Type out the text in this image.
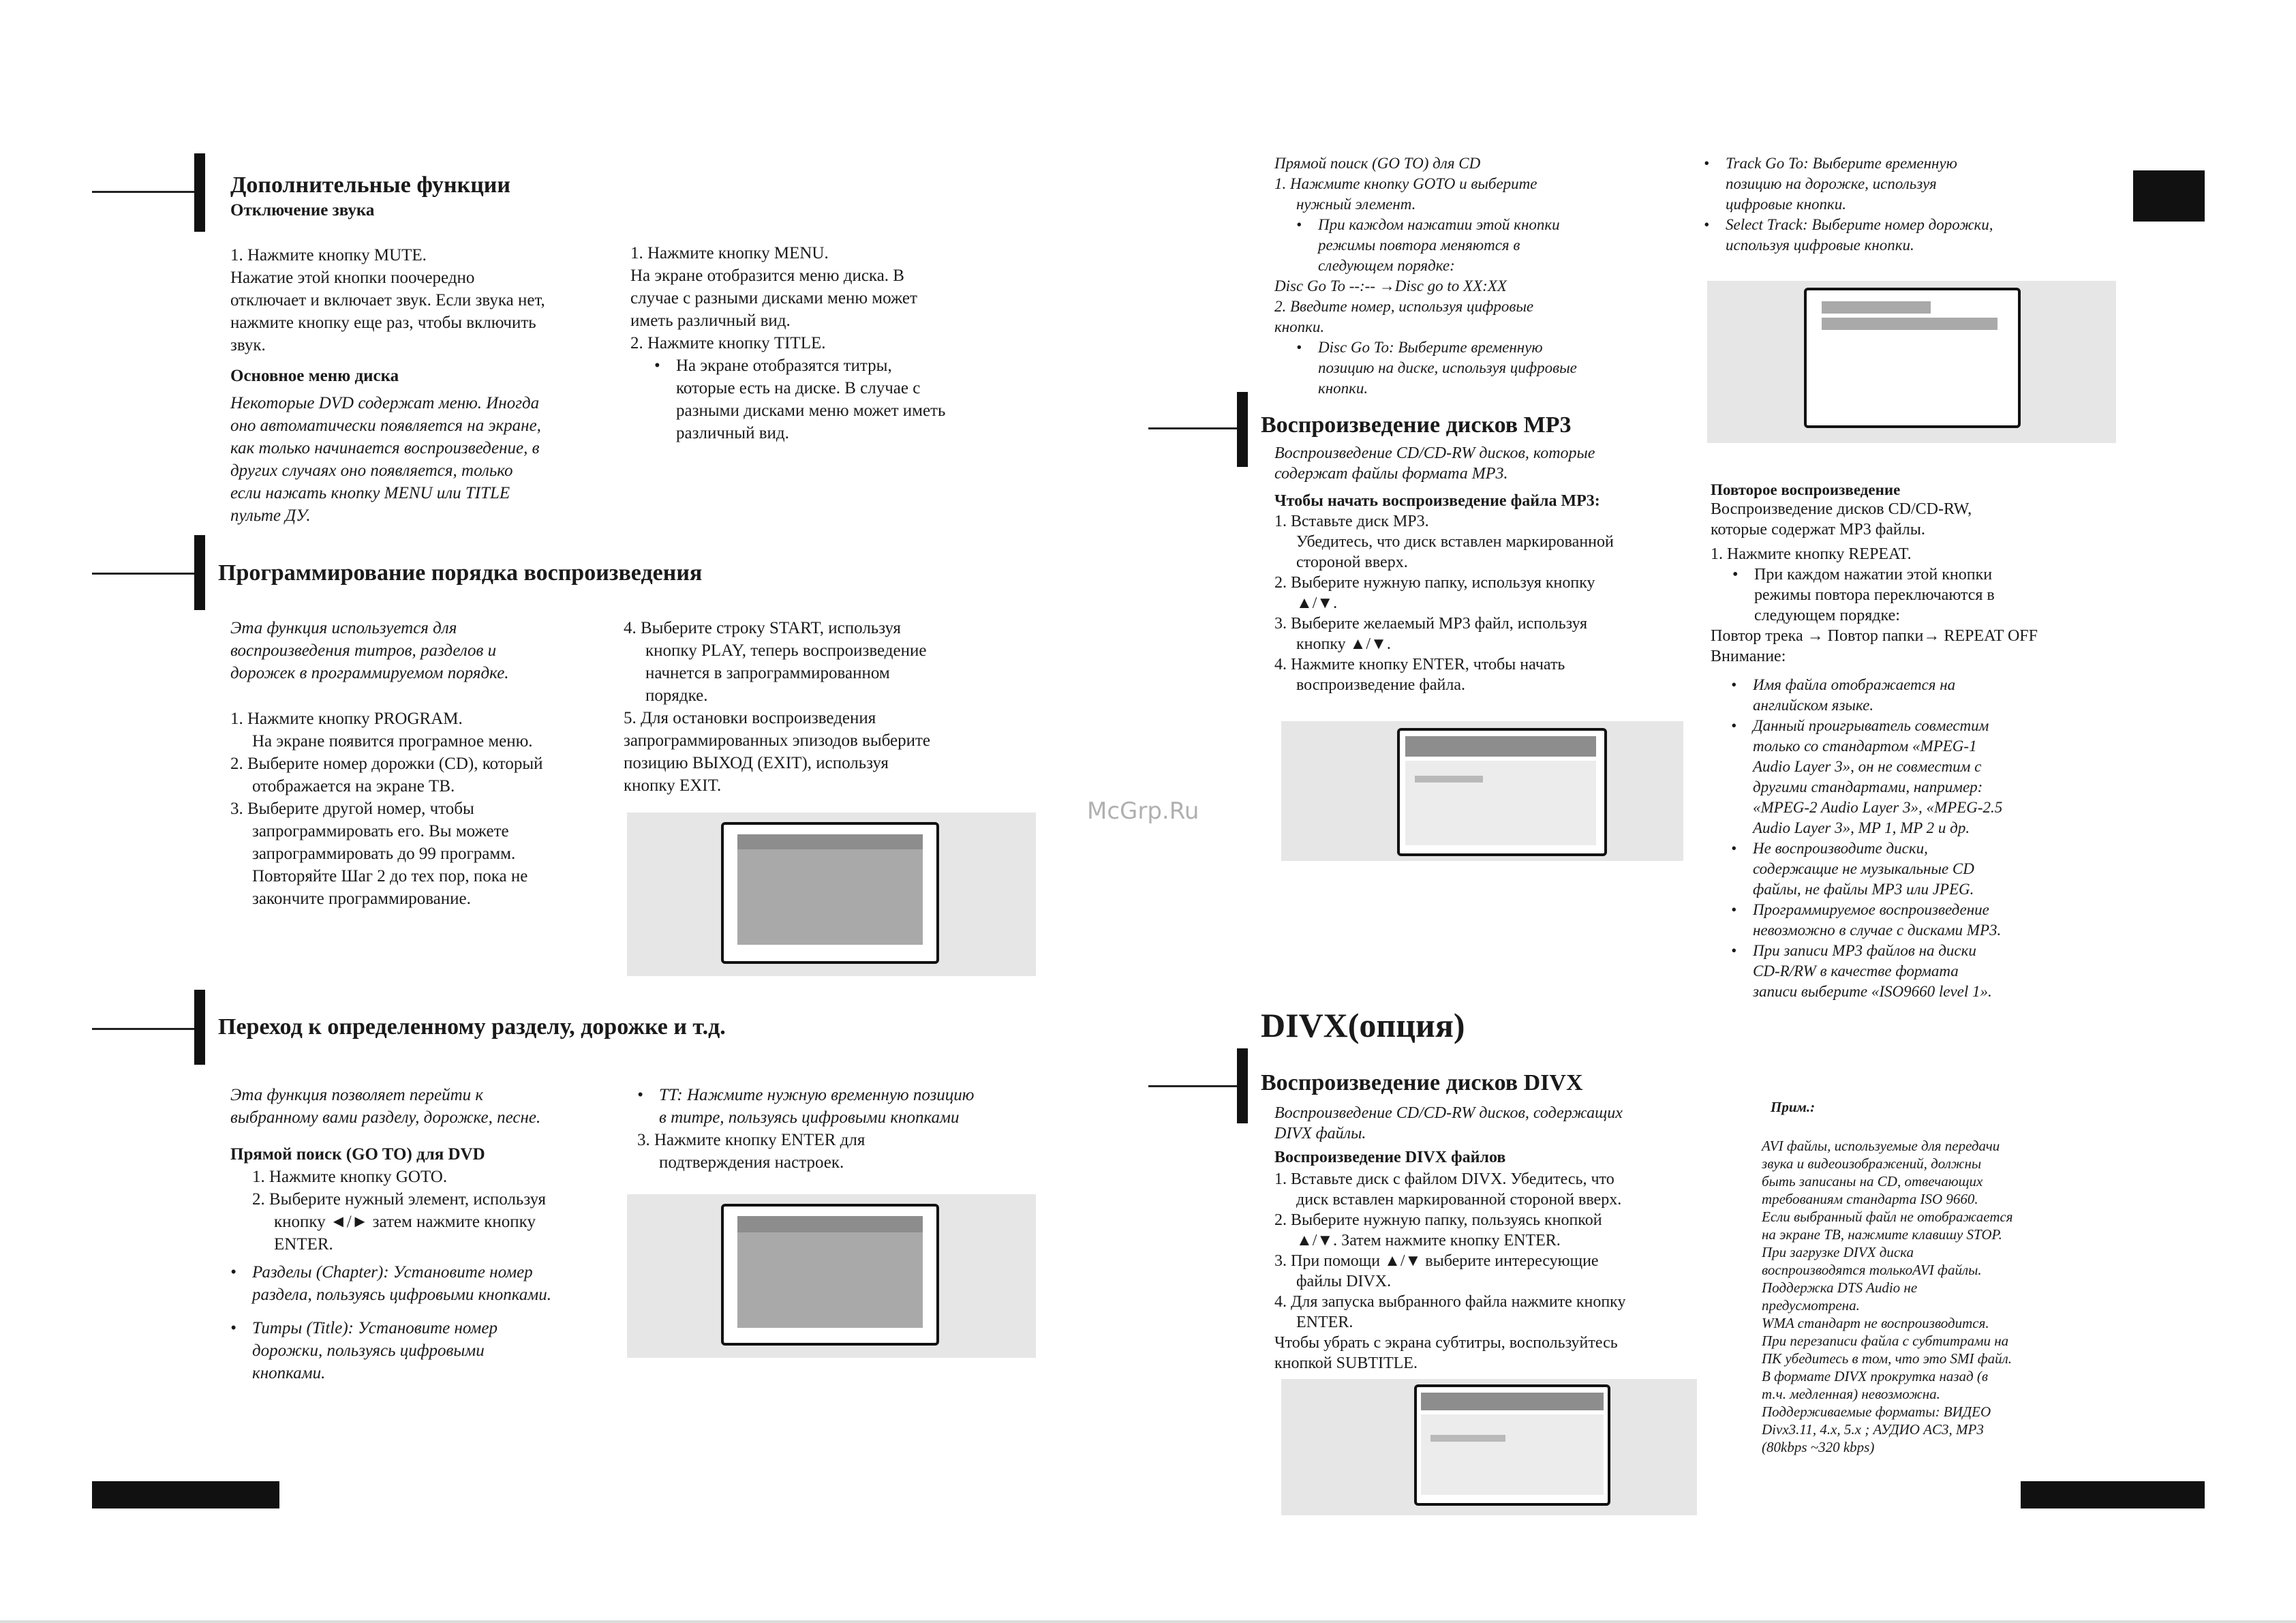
McGrp.Ru
Дополнительные функции
Отключение звука

1. Нажмите кнопку MUTE.

Нажатие этой кнопки поочередно

отключает и включает звук. Если звука нет,

нажмите кнопку еще раз, чтобы включить

звук.

Основное меню диска

Некоторые DVD содержат меню. Иногда

оно автоматически появляется на экране,

как только начинается воспроизведение, в

других случаях оно появляется, только

если нажать кнопку MENU или TITLE

пульте ДУ.

1. Нажмите кнопку MENU.

На экране отобразится меню диска. В

случае с разными дисками меню может

иметь различный вид.

2. Нажмите кнопку TITLE.

• На экране отобразятся титры,

которые есть на диске. В случае с

разными дисками меню может иметь

различный вид.

Программирование порядка воспроизведения

Эта функция используется для

воспроизведения титров, разделов и

дорожек в программируемом порядке.

1. Нажмите кнопку PROGRAM.

На экране появится програмное меню.

2. Выберите номер дорожки (CD), который

отображается на экране ТВ.

3. Выберите другой номер, чтобы

запрограммировать его. Вы можете

запрограммировать до 99 программ.

Повторяйте Шаг 2 до тех пор, пока не

закончите программирование.

4. Выберите строку START, используя

кнопку PLAY, теперь воспроизведение

начнется в запрограммированном

порядке.

5. Для остановки воспроизведения

запрограммированных эпизодов выберите

позицию ВЫХОД (EXIT), используя

кнопку EXIT.

Переход к определенному разделу, дорожке и т.д.

Эта функция позволяет перейти к

выбранному вами разделу, дорожке, песне.

Прямой поиск (GO TO) для DVD

1. Нажмите кнопку GOTO.

2. Выберите нужный элемент, используя

кнопку ◄/► затем нажмите кнопку

ENTER.

• Разделы (Chapter): Установите номер

раздела, пользуясь цифровыми кнопками.

• Титры (Title): Установите номер

дорожки, пользуясь цифровыми

кнопками.

• TT: Нажмите нужную временную позицию

в титре, пользуясь цифровыми кнопками

3. Нажмите кнопку ENTER для

подтверждения настроек.

Прямой поиск (GO TO) для CD

1. Нажмите кнопку GOTO и выберите

нужный элемент.

• При каждом нажатии этой кнопки

режимы повтора меняются в

следующем порядке:

Disc Go To --:-- →Disc go to XX:XX

2. Введите номер, используя цифровые

кнопки.

• Disc Go To: Выберите временную

позицию на диске, используя цифровые

кнопки.

• Track Go To: Выберите временную

позицию на дорожке, используя

цифровые кнопки.

• Select Track: Выберите номер дорожки,

используя цифровые кнопки.

Воспроизведение дисков MP3

Воспроизведение CD/CD-RW дисков, которые

содержат файлы формата MP3.

Чтобы начать воспроизведение файла MP3:

1. Вставьте диск MP3.

Убедитесь, что диск вставлен маркированной

стороной вверх.

2. Выберите нужную папку, используя кнопку

▲/▼.

3. Выберите желаемый MP3 файл, используя

кнопку ▲/▼.

4. Нажмите кнопку ENTER, чтобы начать

воспроизведение файла.

Повторое воспроизведение

Воспроизведение дисков CD/CD-RW,

которые содержат MP3 файлы.

1. Нажмите кнопку REPEAT.

• При каждом нажатии этой кнопки

режимы повтора переключаются в

следующем порядке:

Повтор трека → Повтор папки→ REPEAT OFF

Внимание:

• Имя файла отображается на

английском языке.

• Данный проигрыватель совместим

только со стандартом «MPEG-1

Audio Layer 3», он не совместим с

другими стандартами, например:

«MPEG-2 Audio Layer 3», «MPEG-2.5

Audio Layer 3», MP 1, MP 2 и др.

• Не воспроизводите диски,

содержащие не музыкальные CD

файлы, не файлы MP3 или JPEG.

• Программируемое воспроизведение

невозможно в случае с дисками MP3.

• При записи MP3 файлов на диски

CD-R/RW в качестве формата

записи выберите «ISO9660 level 1».

DIVX(опция)
Воспроизведение дисков DIVX

Воспроизведение CD/CD-RW дисков, содержащих

DIVX файлы.

Воспроизведение DIVX файлов

1. Вставьте диск с файлом DIVX. Убедитесь, что

диск вставлен маркированной стороной вверх.

2. Выберите нужную папку, пользуясь кнопкой

▲/▼. Затем нажмите кнопку ENTER.

3. При помощи ▲/▼ выберите интересующие

файлы DIVX.

4. Для запуска выбранного файла нажмите кнопку

ENTER.

Чтобы убрать с экрана субтитры, воспользуйтесь

кнопкой SUBTITLE.

Прим.:

AVI файлы, используемые для передачи

звука и видеоизображений, должны

быть записаны на CD, отвечающих

требованиям стандарта ISO 9660.

Если выбранный файл не отображается

на экране ТВ, нажмите клавишу STOP.

При загрузке DIVX диска

воспроизводятся толькоAVI файлы.

Поддержка DTS Audio не

предусмотрена.

WMA стандарт не воспроизводится.

При перезаписи файла с субтитрами на

ПК убедитесь в том, что это SMI файл.

В формате DIVX прокрутка назад (в

т.ч. медленная) невозможна.

Поддерживаемые форматы: ВИДЕО

Divx3.11, 4.x, 5.x ; АУДИО AC3, MP3

(80kbps ~320 kbps)
